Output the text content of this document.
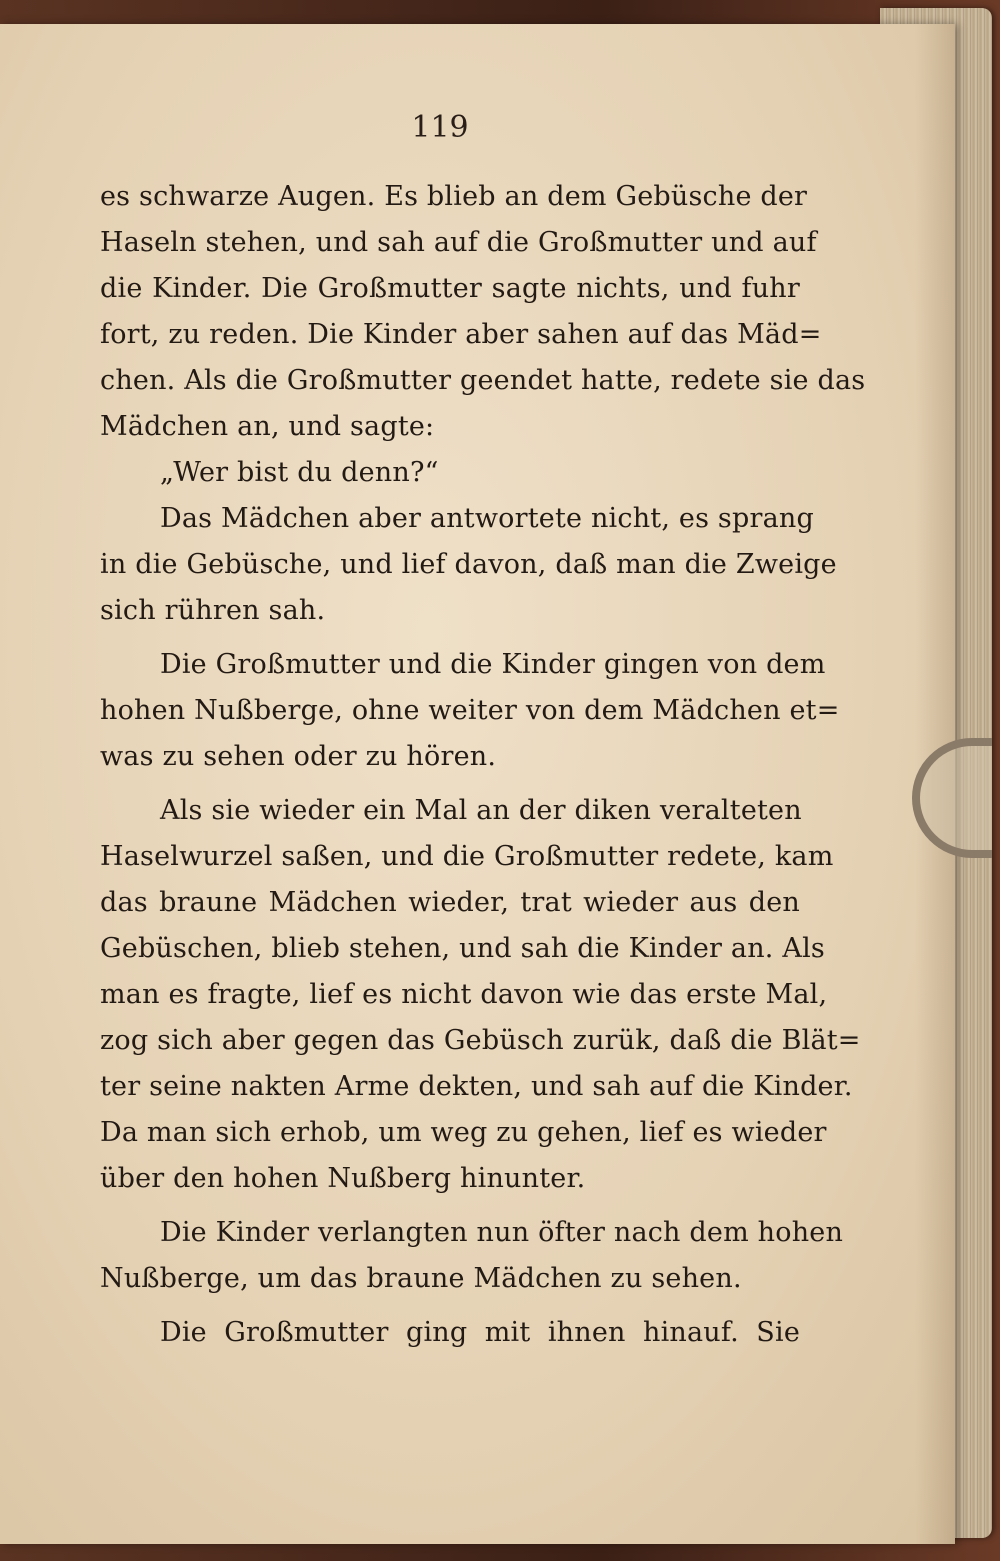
119
es schwarze Augen. Es blieb an dem Gebüsche der
Haseln stehen, und sah auf die Großmutter und auf
die Kinder. Die Großmutter sagte nichts, und fuhr
fort, zu reden. Die Kinder aber sahen auf das Mäd=
chen. Als die Großmutter geendet hatte, redete sie das
Mädchen an, und sagte:
„Wer bist du denn?“
Das Mädchen aber antwortete nicht, es sprang
in die Gebüsche, und lief davon, daß man die Zweige
sich rühren sah.
Die Großmutter und die Kinder gingen von dem
hohen Nußberge, ohne weiter von dem Mädchen et=
was zu sehen oder zu hören.
Als sie wieder ein Mal an der diken veralteten
Haselwurzel saßen, und die Großmutter redete, kam
das braune Mädchen wieder, trat wieder aus den
Gebüschen, blieb stehen, und sah die Kinder an. Als
man es fragte, lief es nicht davon wie das erste Mal,
zog sich aber gegen das Gebüsch zurük, daß die Blät=
ter seine nakten Arme dekten, und sah auf die Kinder.
Da man sich erhob, um weg zu gehen, lief es wieder
über den hohen Nußberg hinunter.
Die Kinder verlangten nun öfter nach dem hohen
Nußberge, um das braune Mädchen zu sehen.
Die Großmutter ging mit ihnen hinauf. Sie
